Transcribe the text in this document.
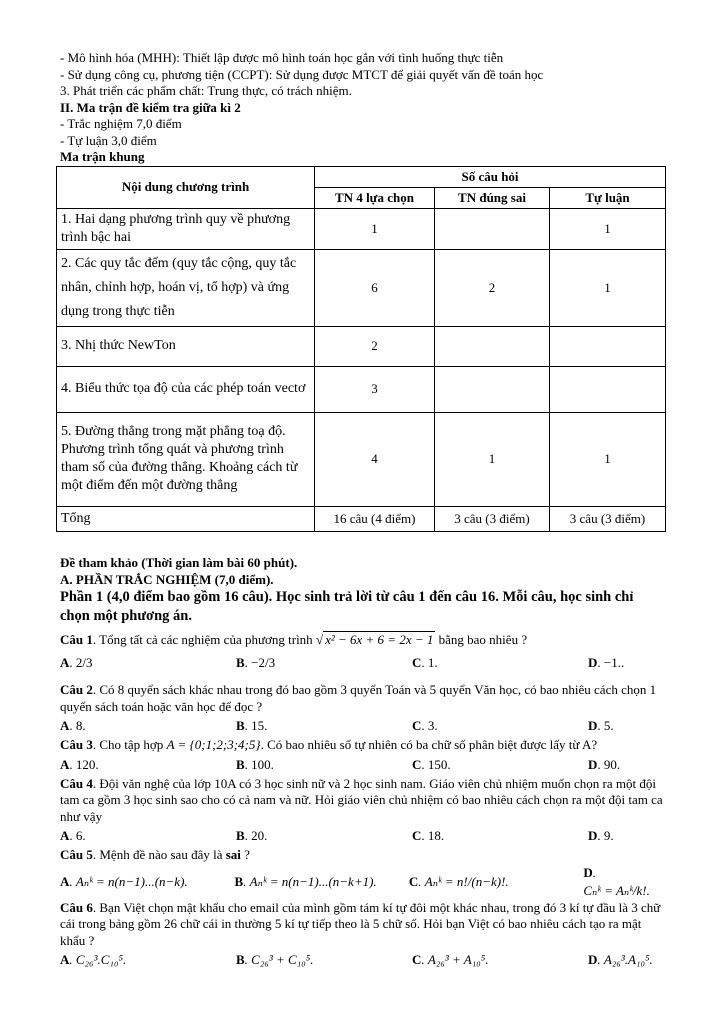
- Mô hình hóa (MHH): Thiết lập được mô hình toán học gắn với tình huống thực tiễn
- Sử dụng công cụ, phương tiện (CCPT): Sử dụng được MTCT để giải quyết vấn đề toán học
3. Phát triển các phẩm chất: Trung thực, có trách nhiệm.
II. Ma trận đề kiểm tra giữa kì 2
- Trắc nghiệm 7,0 điểm
- Tự luận 3,0 điểm
Ma trận khung
Nội dung chương trình	Số câu hỏi		
	TN 4 lựa chọn	TN đúng sai	Tự luận
1. Hai dạng phương trình quy về phương trình bậc hai	1		1
2. Các quy tắc đếm (quy tắc cộng, quy tắc nhân, chỉnh hợp, hoán vị, tổ hợp) và ứng dụng trong thực tiễn	6	2	1
3. Nhị thức NewTon	2		
4. Biểu thức tọa độ của các phép toán vectơ	3		
5. Đường thẳng trong mặt phẳng toạ độ. Phương trình tổng quát và phương trình tham số của đường thẳng. Khoảng cách từ một điểm đến một đường thẳng	4	1	1
Tổng	16 câu (4 điểm)	3 câu (3 điểm)	3 câu (3 điểm)
Đề tham khảo (Thời gian làm bài 60 phút).
A. PHẦN TRẮC NGHIỆM (7,0 điểm).
Phần 1 (4,0 điểm bao gồm 16 câu). Học sinh trả lời từ câu 1 đến câu 16. Mỗi câu, học sinh chỉ chọn một phương án.
Câu 1. Tổng tất cả các nghiệm của phương trình √ x² − 6x + 6 = 2x − 1 bằng bao nhiêu ?
A. 2/3	B. −2/3	C. 1.	D. −1..
Câu 2. Có 8 quyển sách khác nhau trong đó bao gồm 3 quyển Toán và 5 quyển Văn học, có bao nhiêu cách chọn 1 quyển sách toán hoặc văn học để đọc ?
A. 8.	B. 15.	C. 3.	D. 5.
Câu 3. Cho tập hợp A = {0;1;2;3;4;5}. Có bao nhiêu số tự nhiên có ba chữ số phân biệt được lấy từ A?
A. 120.	B. 100.	C. 150.	D. 90.
Câu 4. Đội văn nghệ của lớp 10A có 3 học sinh nữ và 2 học sinh nam. Giáo viên chủ nhiệm muốn chọn ra một đội tam ca gồm 3 học sinh sao cho có cả nam và nữ. Hỏi giáo viên chủ nhiệm có bao nhiêu cách chọn ra một đội tam ca như vậy
A. 6.	B. 20.	C. 18.	D. 9.
Câu 5. Mệnh đề nào sau đây là sai ?
A. Aₙᵏ = n(n−1)...(n−k).	B. Aₙᵏ = n(n−1)...(n−k+1).	C. Aₙᵏ = n!/(n−k)!.
D. Cₙᵏ = Aₙᵏ/k!.
Câu 6. Bạn Việt chọn mật khẩu cho email của mình gồm tám kí tự đôi một khác nhau, trong đó 3 kí tự đầu là 3 chữ cái trong bảng gồm 26 chữ cái in thường 5 kí tự tiếp theo là 5 chữ số. Hỏi bạn Việt có bao nhiêu cách tạo ra mật khẩu ?
A. C₂₆³.C₁₀⁵.	B. C₂₆³ + C₁₀⁵.	C. A₂₆³ + A₁₀⁵.	D. A₂₆³.A₁₀⁵.
